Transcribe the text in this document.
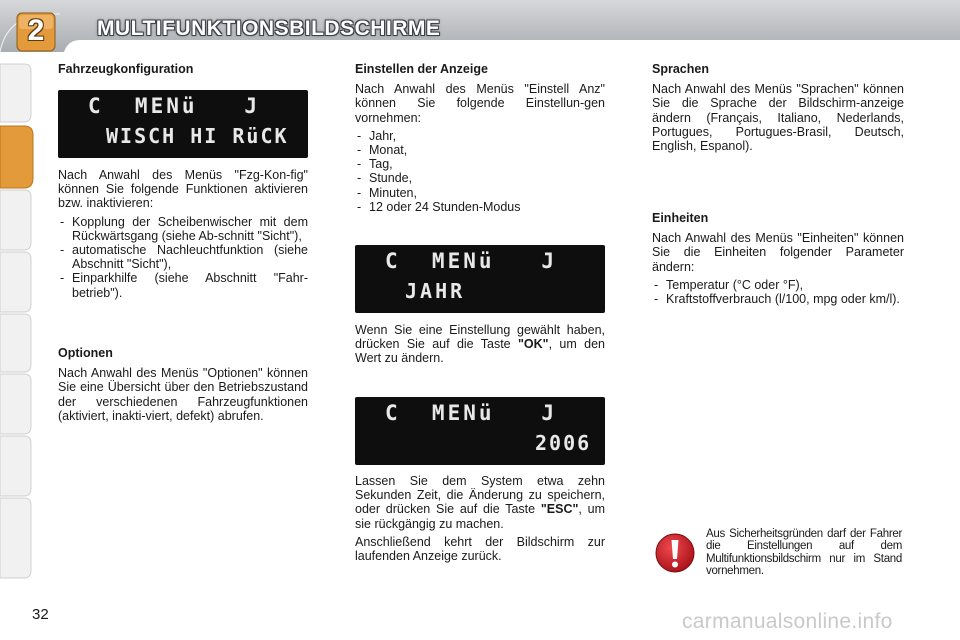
2	MULTIFUNKTIONSBILDSCHIRME
Fahrzeugkonfiguration
C  MENü   J
WISCH HI RüCK

Nach Anwahl des Menüs "Fzg-Kon-fig" können Sie folgende Funktionen aktivieren bzw. inaktivieren:

- Kopplung der Scheibenwischer mit dem Rückwärtsgang (siehe Ab-schnitt "Sicht"),
- automatische Nachleuchtfunktion (siehe Abschnitt "Sicht"),
- Einparkhilfe (siehe Abschnitt "Fahr-betrieb").
Optionen

Nach Anwahl des Menüs "Optionen" können Sie eine Übersicht über den Betriebszustand der verschiedenen Fahrzeugfunktionen (aktiviert, inakti-viert, defekt) abrufen.

Einstellen der Anzeige

Nach Anwahl des Menüs "Einstell Anz" können Sie folgende Einstellun-gen vornehmen:

- Jahr,
- Monat,
- Tag,
- Stunde,
- Minuten,
- 12 oder 24 Stunden-Modus
C  MENü   J
JAHR

Wenn Sie eine Einstellung gewählt haben, drücken Sie auf die Taste "OK", um den Wert zu ändern.

C  MENü   J
2006

Lassen Sie dem System etwa zehn Sekunden Zeit, die Änderung zu speichern, oder drücken Sie auf die Taste "ESC", um sie rückgängig zu machen.

Anschließend kehrt der Bildschirm zur laufenden Anzeige zurück.

Sprachen

Nach Anwahl des Menüs "Sprachen" können Sie die Sprache der Bildschirm-anzeige ändern (Français, Italiano, Nederlands, Portugues, Portugues-Brasil, Deutsch, English, Espanol).

Einheiten

Nach Anwahl des Menüs "Einheiten" können Sie die Einheiten folgender Parameter ändern:

- Temperatur (°C oder °F),
- Kraftstoffverbrauch (l/100, mpg oder km/l).
Aus Sicherheitsgründen darf der Fahrer die Einstellungen auf dem Multifunktionsbildschirm nur im Stand vornehmen.
32	carmanualsonline.info
